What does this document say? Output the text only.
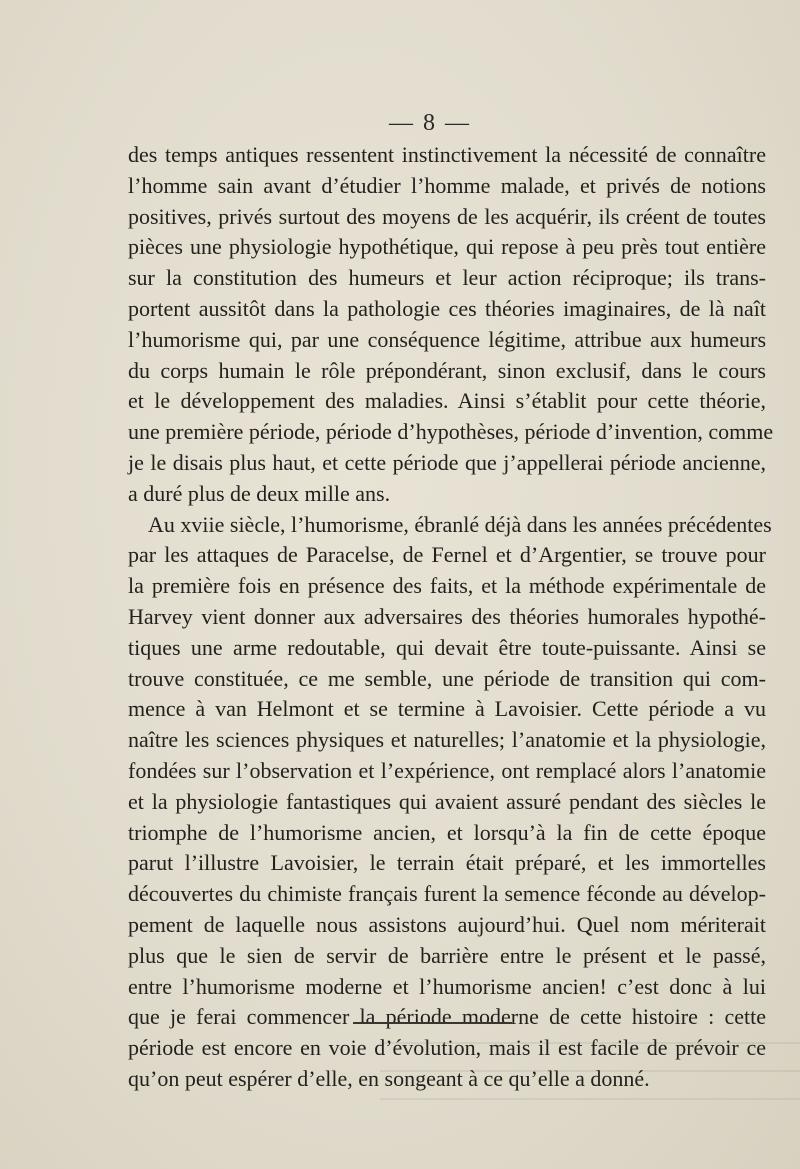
— 8 —
des temps antiques ressentent instinctivement la nécessité de connaître
l’homme sain avant d’étudier l’homme malade, et privés de notions
positives, privés surtout des moyens de les acquérir, ils créent de toutes
pièces une physiologie hypothétique, qui repose à peu près tout entière
sur la constitution des humeurs et leur action réciproque; ils trans-
portent aussitôt dans la pathologie ces théories imaginaires, de là naît
l’humorisme qui, par une conséquence légitime, attribue aux humeurs
du corps humain le rôle prépondérant, sinon exclusif, dans le cours
et le développement des maladies. Ainsi s’établit pour cette théorie,
une première période, période d’hypothèses, période d’invention, comme
je le disais plus haut, et cette période que j’appellerai période ancienne,
a duré plus de deux mille ans.
Au xviie siècle, l’humorisme, ébranlé déjà dans les années précédentes
par les attaques de Paracelse, de Fernel et d’Argentier, se trouve pour
la première fois en présence des faits, et la méthode expérimentale de
Harvey vient donner aux adversaires des théories humorales hypothé-
tiques une arme redoutable, qui devait être toute-puissante. Ainsi se
trouve constituée, ce me semble, une période de transition qui com-
mence à van Helmont et se termine à Lavoisier. Cette période a vu
naître les sciences physiques et naturelles; l’anatomie et la physiologie,
fondées sur l’observation et l’expérience, ont remplacé alors l’anatomie
et la physiologie fantastiques qui avaient assuré pendant des siècles le
triomphe de l’humorisme ancien, et lorsqu’à la fin de cette époque
parut l’illustre Lavoisier, le terrain était préparé, et les immortelles
découvertes du chimiste français furent la semence féconde au dévelop-
pement de laquelle nous assistons aujourd’hui. Quel nom mériterait
plus que le sien de servir de barrière entre le présent et le passé,
entre l’humorisme moderne et l’humorisme ancien! c’est donc à lui
que je ferai commencer la période moderne de cette histoire : cette
période est encore en voie d’évolution, mais il est facile de prévoir ce
qu’on peut espérer d’elle, en songeant à ce qu’elle a donné.
